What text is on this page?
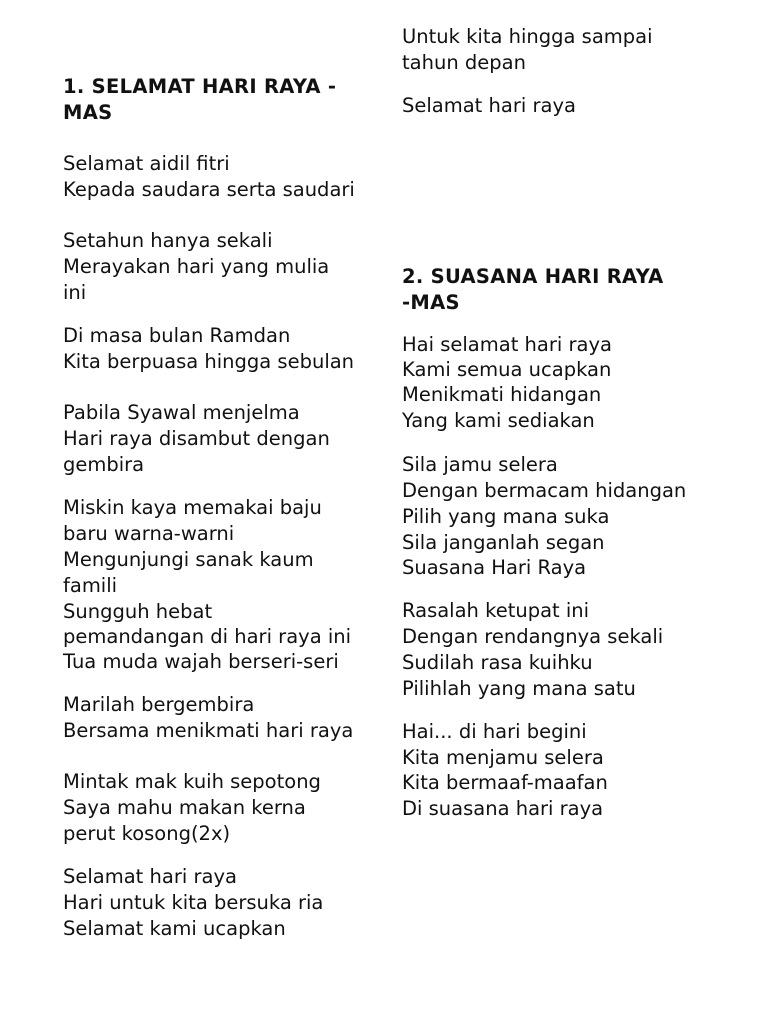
1. SELAMAT HARI RAYA -
MAS
Selamat aidil fitri
Kepada saudara serta saudari
Setahun hanya sekali
Merayakan hari yang mulia
ini
Di masa bulan Ramdan
Kita berpuasa hingga sebulan
Pabila Syawal menjelma
Hari raya disambut dengan
gembira
Miskin kaya memakai baju
baru warna-warni
Mengunjungi sanak kaum
famili
Sungguh hebat
pemandangan di hari raya ini
Tua muda wajah berseri-seri
Marilah bergembira
Bersama menikmati hari raya
Mintak mak kuih sepotong
Saya mahu makan kerna
perut kosong(2x)
Selamat hari raya
Hari untuk kita bersuka ria
Selamat kami ucapkan
Untuk kita hingga sampai
tahun depan
Selamat hari raya
2. SUASANA HARI RAYA
-MAS
Hai selamat hari raya
Kami semua ucapkan
Menikmati hidangan
Yang kami sediakan
Sila jamu selera
Dengan bermacam hidangan
Pilih yang mana suka
Sila janganlah segan
Suasana Hari Raya
Rasalah ketupat ini
Dengan rendangnya sekali
Sudilah rasa kuihku
Pilihlah yang mana satu
Hai... di hari begini
Kita menjamu selera
Kita bermaaf-maafan
Di suasana hari raya
